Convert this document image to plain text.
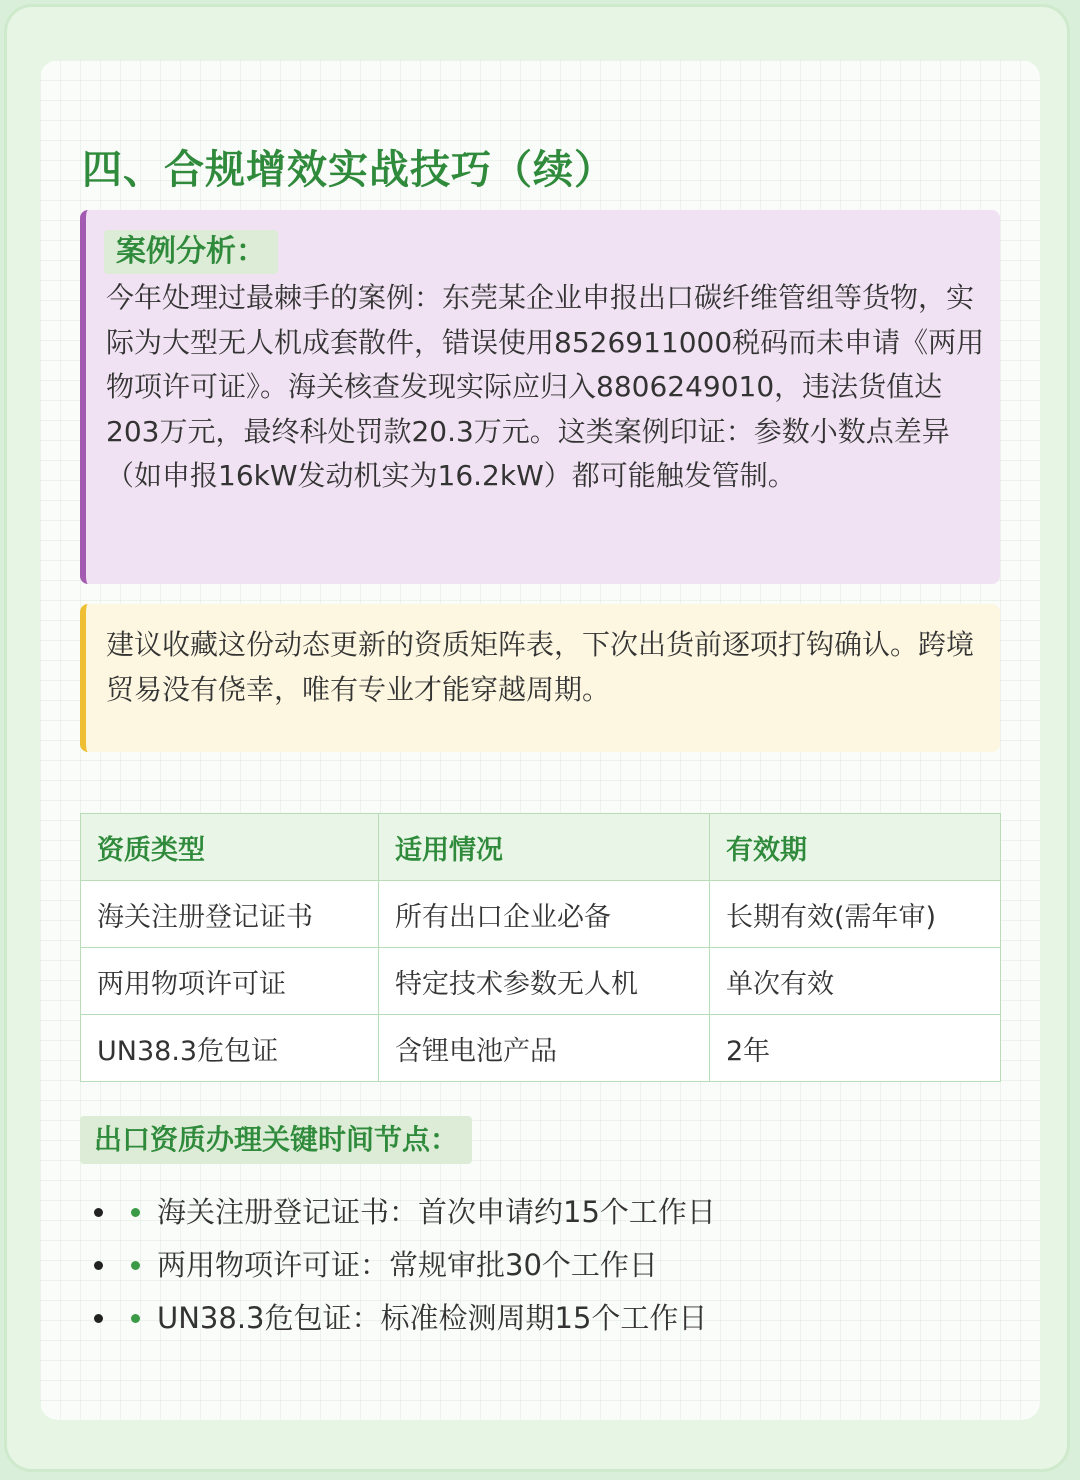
四、合规增效实战技巧（续）
案例分析：

今年处理过最棘手的案例：东莞某企业申报出口碳纤维管组等货物，实际为大型无人机成套散件，错误使用8526911000税码而未申请《两用物项许可证》。海关核查发现实际应归入8806249010，违法货值达203万元，最终科处罚款20.3万元。这类案例印证：参数小数点差异（如申报16kW发动机实为16.2kW）都可能触发管制。

建议收藏这份动态更新的资质矩阵表，下次出货前逐项打钩确认。跨境贸易没有侥幸，唯有专业才能穿越周期。

资质类型	适用情况	有效期
海关注册登记证书	所有出口企业必备	长期有效(需年审)
两用物项许可证	特定技术参数无人机	单次有效
UN38.3危包证	含锂电池产品	2年
出口资质办理关键时间节点：
海关注册登记证书：首次申请约15个工作日
两用物项许可证：常规审批30个工作日
UN38.3危包证：标准检测周期15个工作日
